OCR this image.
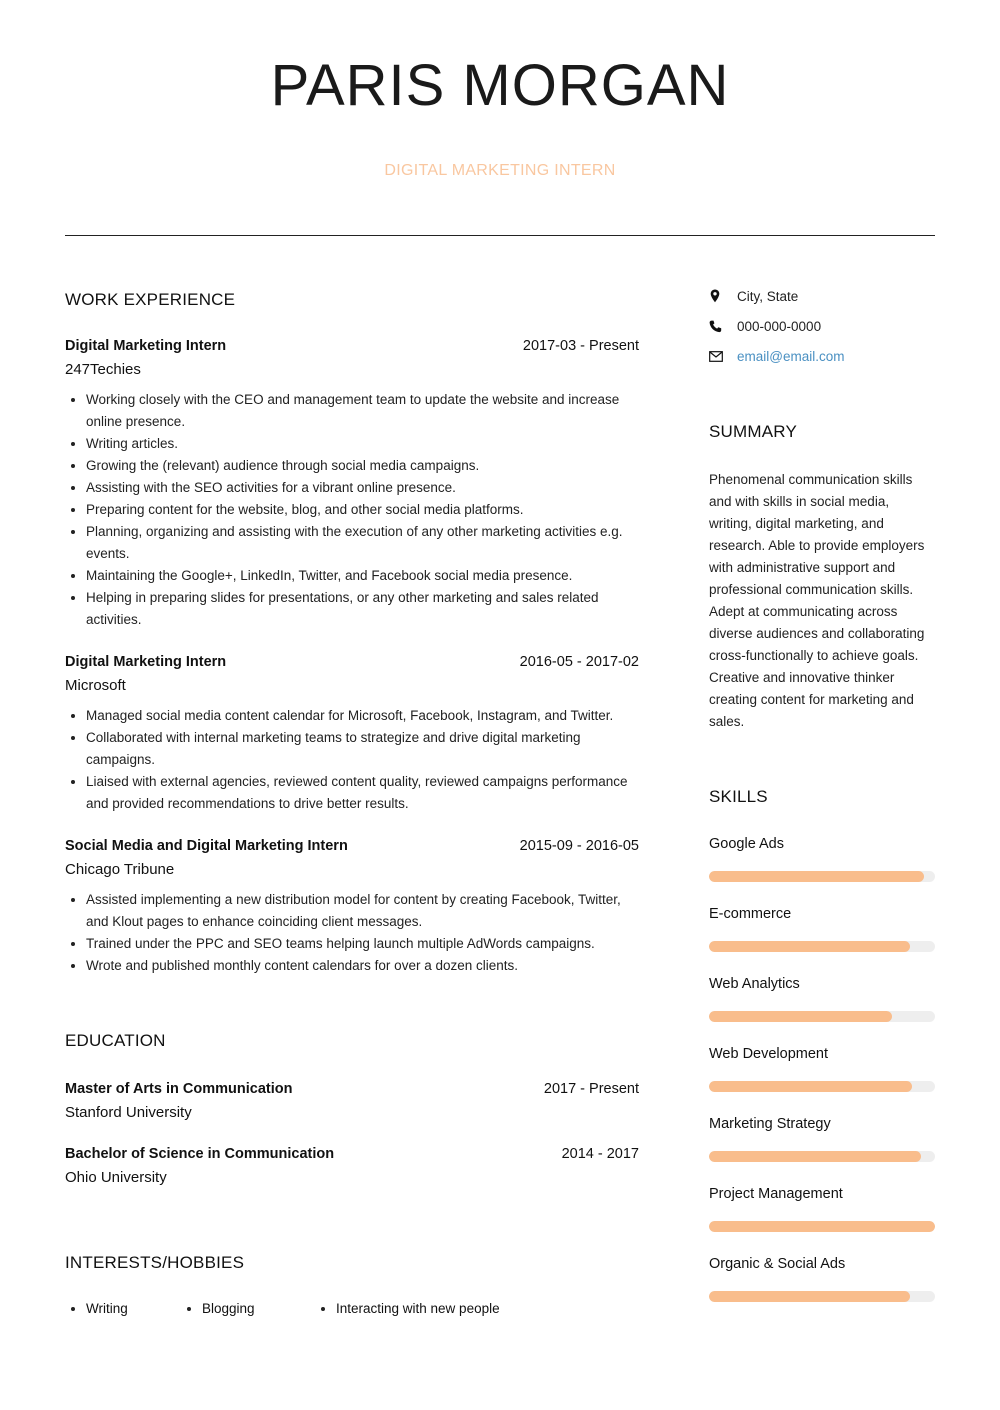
PARIS MORGAN
DIGITAL MARKETING INTERN
WORK EXPERIENCE
Digital Marketing Intern	2017-03 - Present
247Techies
Working closely with the CEO and management team to update the website and increase online presence.
Writing articles.
Growing the (relevant) audience through social media campaigns.
Assisting with the SEO activities for a vibrant online presence.
Preparing content for the website, blog, and other social media platforms.
Planning, organizing and assisting with the execution of any other marketing activities e.g. events.
Maintaining the Google+, LinkedIn, Twitter, and Facebook social media presence.
Helping in preparing slides for presentations, or any other marketing and sales related activities.
Digital Marketing Intern	2016-05 - 2017-02
Microsoft
Managed social media content calendar for Microsoft, Facebook, Instagram, and Twitter.
Collaborated with internal marketing teams to strategize and drive digital marketing campaigns.
Liaised with external agencies, reviewed content quality, reviewed campaigns performance and provided recommendations to drive better results.
Social Media and Digital Marketing Intern	2015-09 - 2016-05
Chicago Tribune
Assisted implementing a new distribution model for content by creating Facebook, Twitter, and Klout pages to enhance coinciding client messages.
Trained under the PPC and SEO teams helping launch multiple AdWords campaigns.
Wrote and published monthly content calendars for over a dozen clients.
EDUCATION
Master of Arts in Communication	2017 - Present
Stanford University
Bachelor of Science in Communication	2014 - 2017
Ohio University
INTERESTS/HOBBIES
Writing	Blogging	Interacting with new people
City, State
000-000-0000
email@email.com
SUMMARY
Phenomenal communication skills and with skills in social media, writing, digital marketing, and research. Able to provide employers with administrative support and professional communication skills. Adept at communicating across diverse audiences and collaborating cross-functionally to achieve goals. Creative and innovative thinker creating content for marketing and sales.
SKILLS
Google Ads
E-commerce
Web Analytics
Web Development
Marketing Strategy
Project Management
Organic & Social Ads
